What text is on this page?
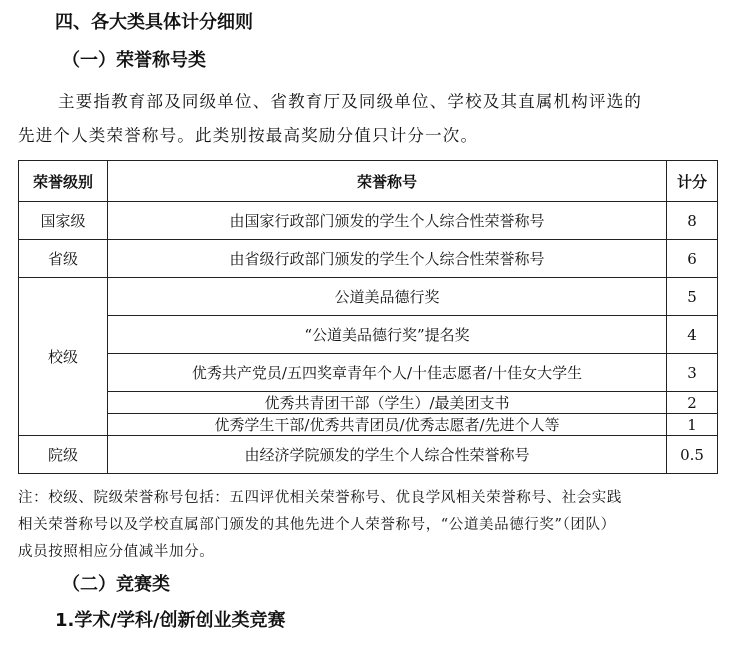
四、各大类具体计分细则
（一）荣誉称号类
主要指教育部及同级单位、省教育厅及同级单位、学校及其直属机构评选的
先进个人类荣誉称号。此类别按最高奖励分值只计分一次。
荣誉级别	荣誉称号	计分
国家级	由国家行政部门颁发的学生个人综合性荣誉称号	8
省级	由省级行政部门颁发的学生个人综合性荣誉称号	6
校级	公道美品德行奖	5
	“公道美品德行奖”提名奖	4
	优秀共产党员/五四奖章青年个人/十佳志愿者/十佳女大学生	3
	优秀共青团干部（学生）/最美团支书	2
	优秀学生干部/优秀共青团员/优秀志愿者/先进个人等	1
院级	由经济学院颁发的学生个人综合性荣誉称号	0.5
注：校级、院级荣誉称号包括：五四评优相关荣誉称号、优良学风相关荣誉称号、社会实践
相关荣誉称号以及学校直属部门颁发的其他先进个人荣誉称号，“公道美品德行奖”（团队）
成员按照相应分值减半加分。
（二）竞赛类
1.学术/学科/创新创业类竞赛
